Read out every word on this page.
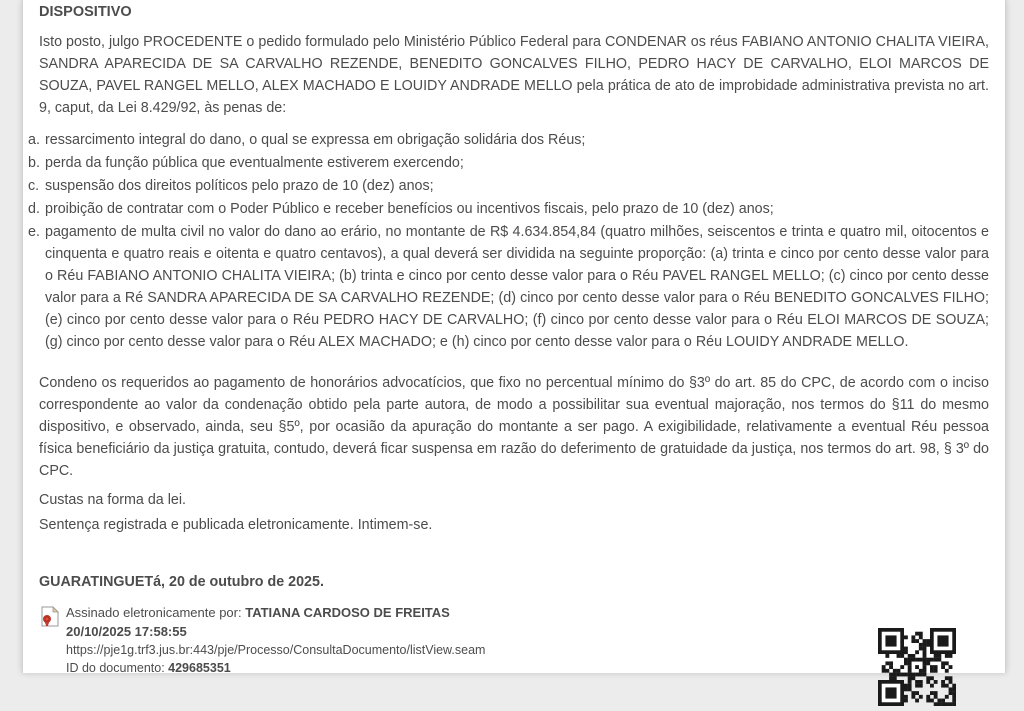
DISPOSITIVO
Isto posto, julgo PROCEDENTE o pedido formulado pelo Ministério Público Federal para CONDENAR os réus FABIANO ANTONIO CHALITA VIEIRA, SANDRA APARECIDA DE SA CARVALHO REZENDE, BENEDITO GONCALVES FILHO, PEDRO HACY DE CARVALHO, ELOI MARCOS DE SOUZA, PAVEL RANGEL MELLO, ALEX MACHADO E LOUIDY ANDRADE MELLO pela prática de ato de improbidade administrativa prevista no art. 9, caput, da Lei 8.429/92, às penas de:
a. ressarcimento integral do dano, o qual se expressa em obrigação solidária dos Réus;
b. perda da função pública que eventualmente estiverem exercendo;
c. suspensão dos direitos políticos pelo prazo de 10 (dez) anos;
d. proibição de contratar com o Poder Público e receber benefícios ou incentivos fiscais, pelo prazo de 10 (dez) anos;
e. pagamento de multa civil no valor do dano ao erário, no montante de R$ 4.634.854,84 (quatro milhões, seiscentos e trinta e quatro mil, oitocentos e cinquenta e quatro reais e oitenta e quatro centavos), a qual deverá ser dividida na seguinte proporção: (a) trinta e cinco por cento desse valor para o Réu FABIANO ANTONIO CHALITA VIEIRA; (b) trinta e cinco por cento desse valor para o Réu PAVEL RANGEL MELLO; (c) cinco por cento desse valor para a Ré SANDRA APARECIDA DE SA CARVALHO REZENDE; (d) cinco por cento desse valor para o Réu BENEDITO GONCALVES FILHO; (e) cinco por cento desse valor para o Réu PEDRO HACY DE CARVALHO; (f) cinco por cento desse valor para o Réu ELOI MARCOS DE SOUZA; (g) cinco por cento desse valor para o Réu ALEX MACHADO; e (h) cinco por cento desse valor para o Réu LOUIDY ANDRADE MELLO.
Condeno os requeridos ao pagamento de honorários advocatícios, que fixo no percentual mínimo do §3º do art. 85 do CPC, de acordo com o inciso correspondente ao valor da condenação obtido pela parte autora, de modo a possibilitar sua eventual majoração, nos termos do §11 do mesmo dispositivo, e observado, ainda, seu §5º, por ocasião da apuração do montante a ser pago. A exigibilidade, relativamente a eventual Réu pessoa física beneficiário da justiça gratuita, contudo, deverá ficar suspensa em razão do deferimento de gratuidade da justiça, nos termos do art. 98, § 3º do CPC.
Custas na forma da lei.
Sentença registrada e publicada eletronicamente. Intimem-se.
GUARATINGUETá, 20 de outubro de 2025.
Assinado eletronicamente por: TATIANA CARDOSO DE FREITAS
20/10/2025 17:58:55
https://pje1g.trf3.jus.br:443/pje/Processo/ConsultaDocumento/listView.seam
ID do documento: 429685351
